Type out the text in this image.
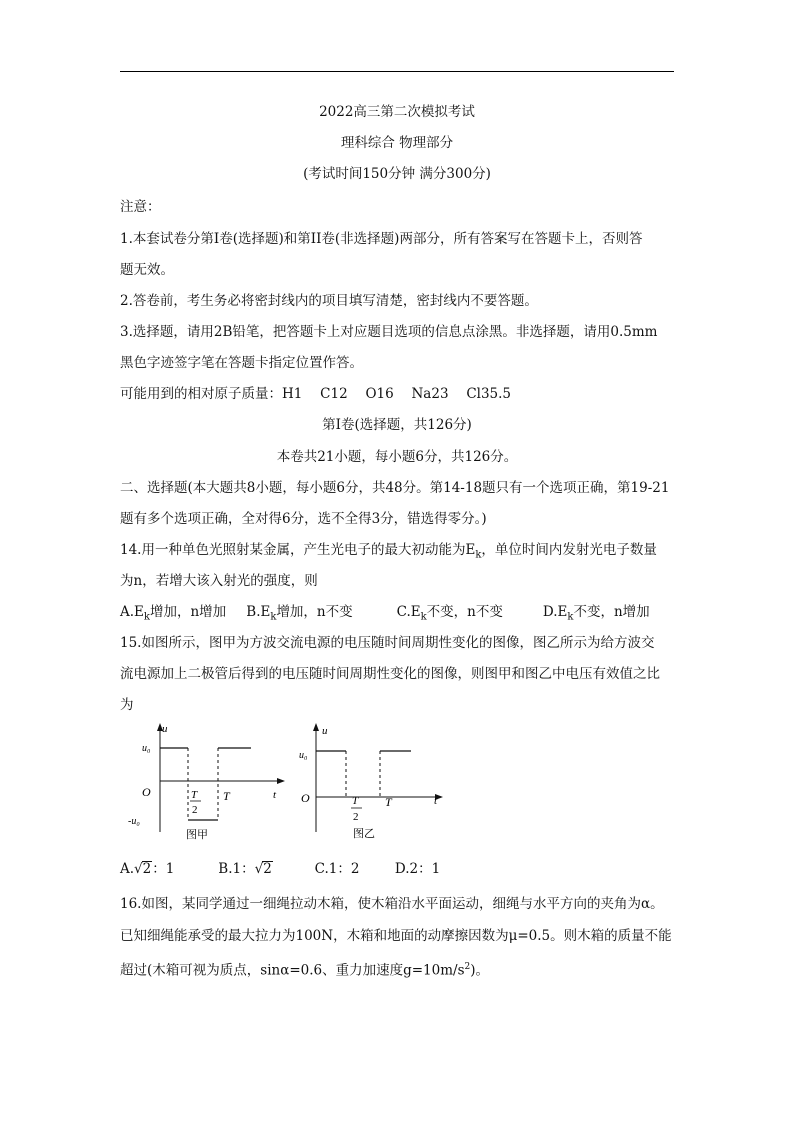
2022高三第二次模拟考试
理科综合 物理部分
(考试时间150分钟 满分300分)
注意：
1.本套试卷分第I卷(选择题)和第II卷(非选择题)两部分，所有答案写在答题卡上，否则答
题无效。
2.答卷前，考生务必将密封线内的项目填写清楚，密封线内不要答题。
3.选择题，请用2B铅笔，把答题卡上对应题目选项的信息点涂黑。非选择题，请用0.5mm
黑色字迹签字笔在答题卡指定位置作答。
可能用到的相对原子质量：H1　 C12　 O16　 Na23　 Cl35.5
第I卷(选择题，共126分)
本卷共21小题，每小题6分，共126分。
二、选择题(本大题共8小题，每小题6分，共48分。第14-18题只有一个选项正确，第19-21
题有多个选项正确，全对得6分，选不全得3分，错选得零分。)
14.用一种单色光照射某金属，产生光电子的最大初动能为$E_k$，单位时间内发射光电子数量
为n，若增大该入射光的强度，则
$A.E_k$增加，n增加 $B.E_k$增加，n不变	$C.E_k$不变，n不变	$D.E_k$不变，n增加
15.如图所示，图甲为方波交流电源的电压随时间周期性变化的图像，图乙所示为给方波交
流电源加上二极管后得到的电压随时间周期性变化的图像，则图甲和图乙中电压有效值之比
为
u
u₀
-u₀
O	T
2
T	t
图甲
u
u₀
O	T
2
T	t
图乙
A.√2：1	B.1：√2	C.1：2	D.2：1
16.如图，某同学通过一细绳拉动木箱，使木箱沿水平面运动，细绳与水平方向的夹角为α。
已知细绳能承受的最大拉力为100N，木箱和地面的动摩擦因数为μ=0.5。则木箱的质量不能
超过(木箱可视为质点，sinα=0.6、重力加速度$g=10m/s^2$)。
